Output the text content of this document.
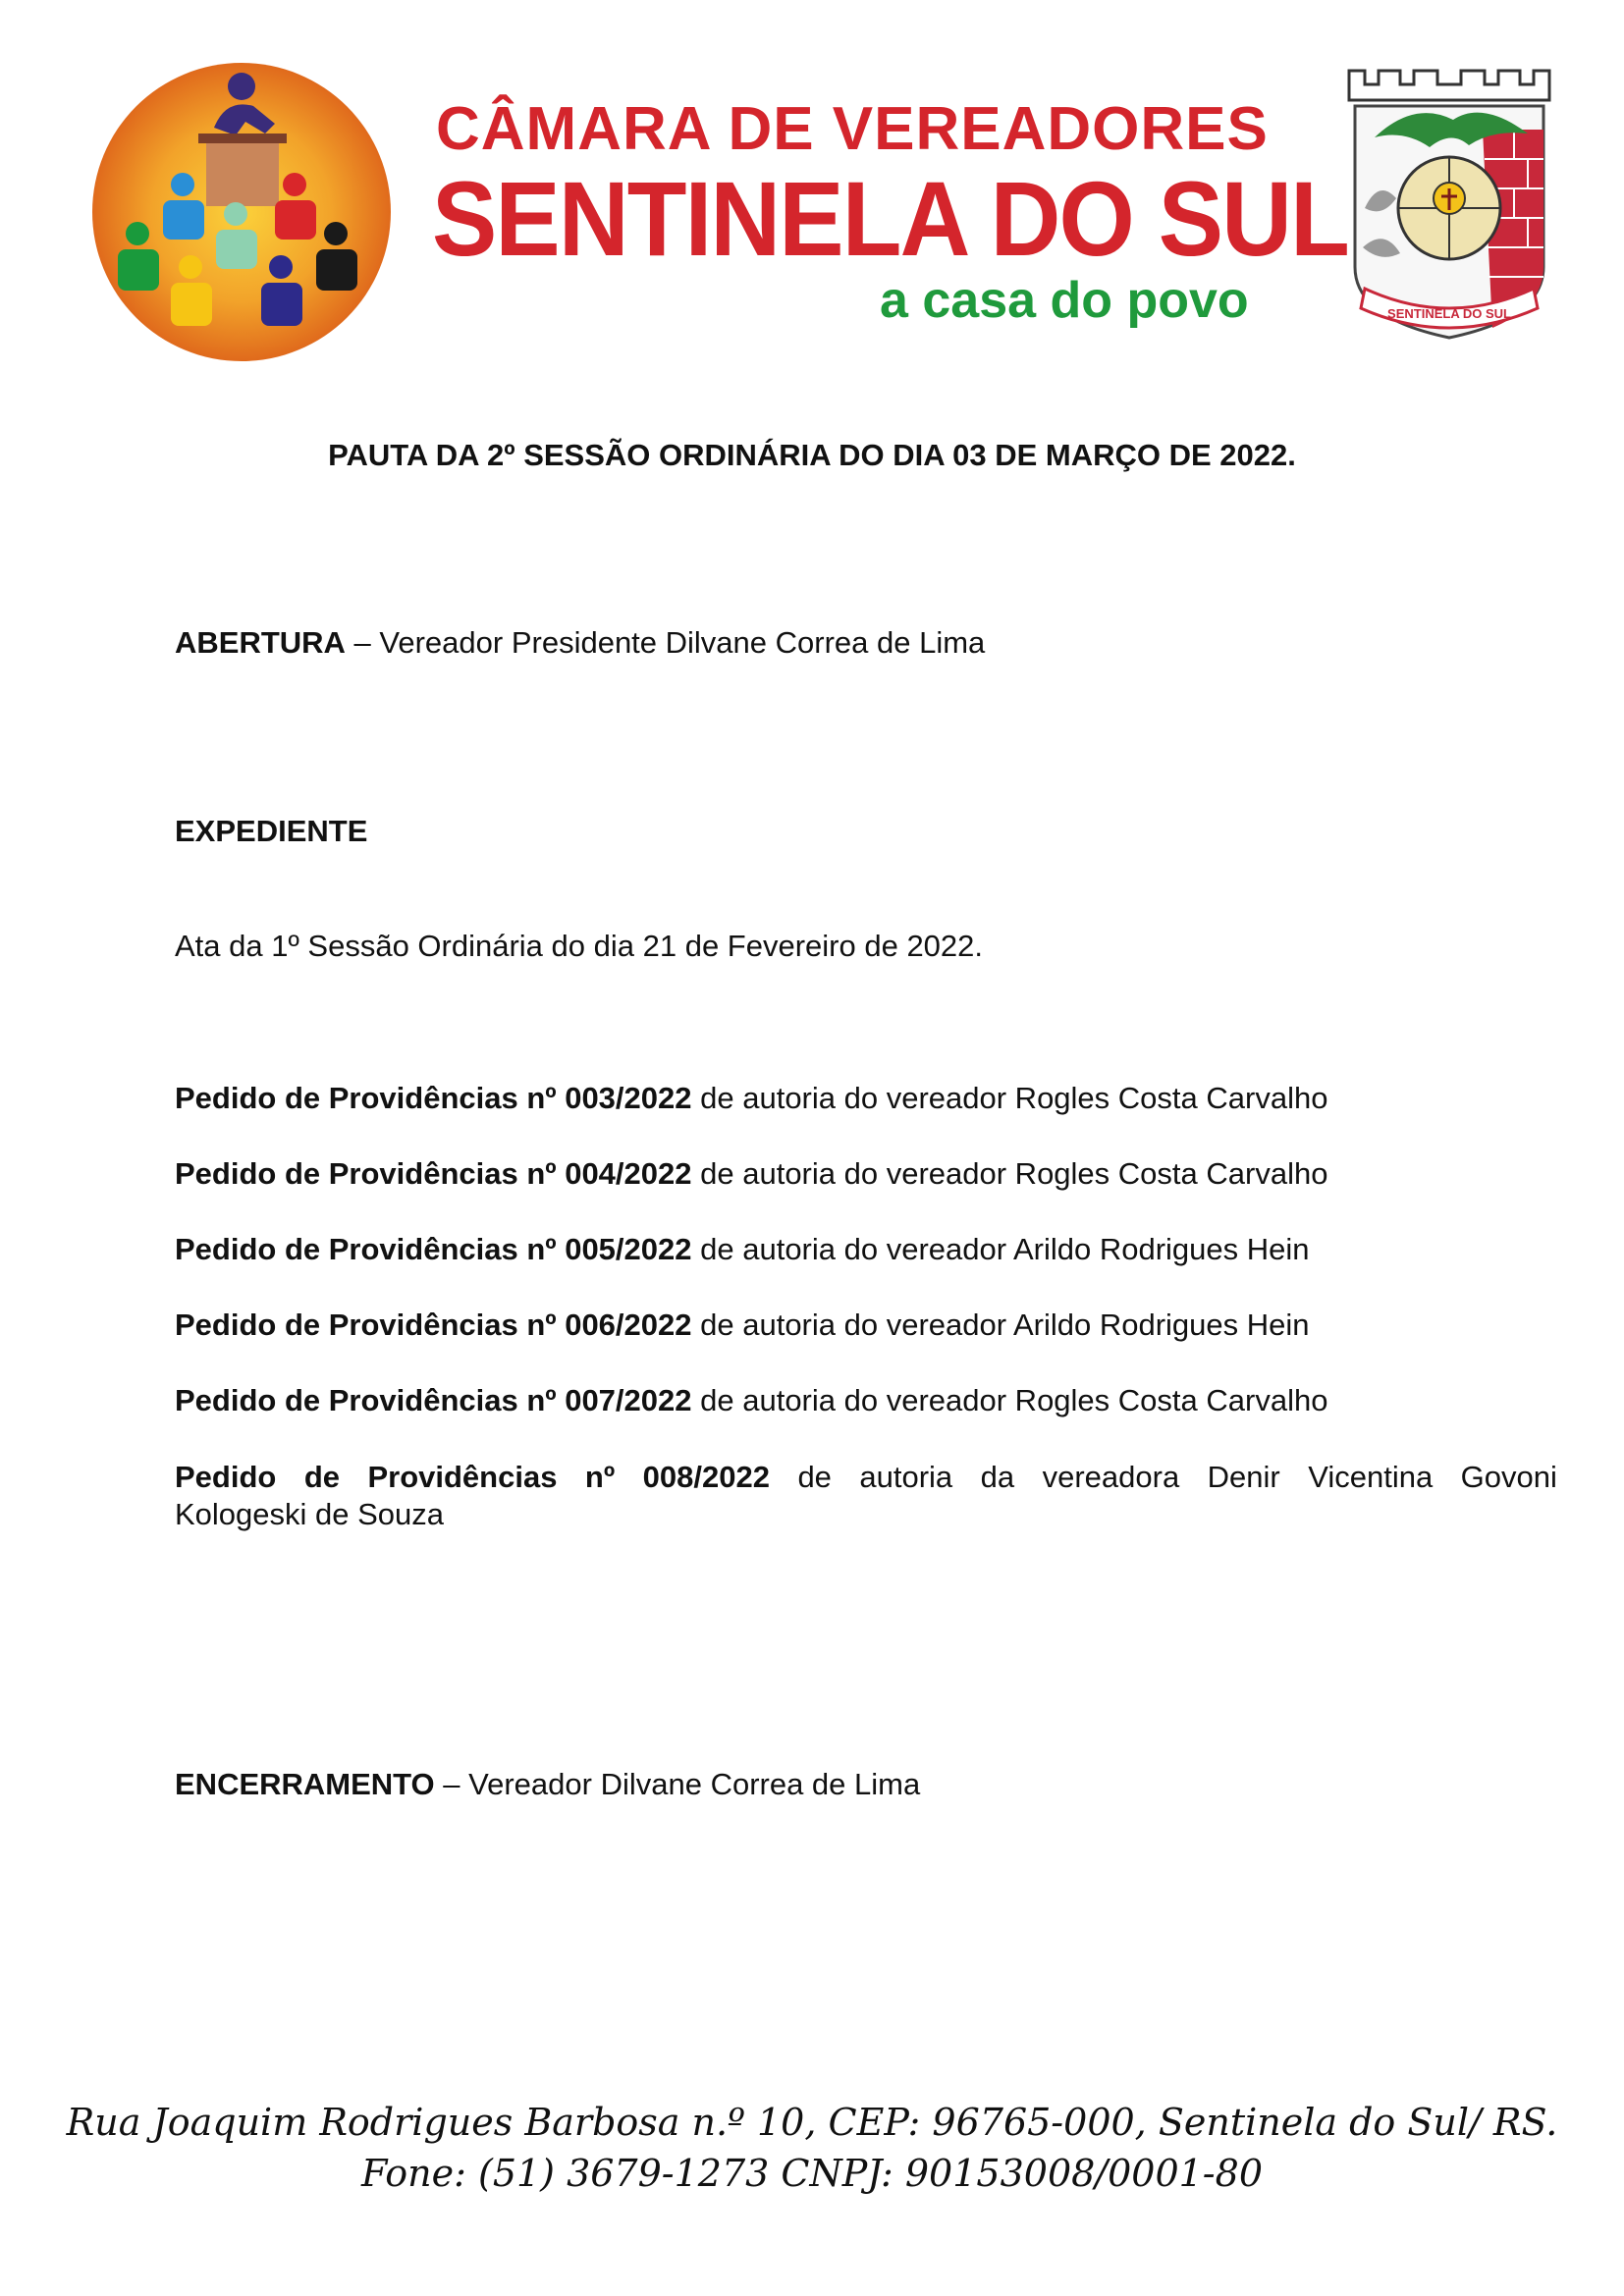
CÂMARA DE VEREADORES
SENTINELA DO SUL
a casa do povo	SENTINELA DO SUL
PAUTA DA 2º SESSÃO ORDINÁRIA DO DIA 03 DE MARÇO DE 2022.
ABERTURA – Vereador Presidente Dilvane Correa de Lima
EXPEDIENTE
Ata da 1º Sessão Ordinária do dia 21 de Fevereiro de 2022.
Pedido de Providências nº 003/2022 de autoria do vereador Rogles Costa Carvalho
Pedido de Providências nº 004/2022 de autoria do vereador Rogles Costa Carvalho
Pedido de Providências nº 005/2022 de autoria do vereador Arildo Rodrigues Hein
Pedido de Providências nº 006/2022 de autoria do vereador Arildo Rodrigues Hein
Pedido de Providências nº 007/2022 de autoria do vereador Rogles Costa Carvalho
Pedido de Providências nº 008/2022 de autoria da vereadora Denir Vicentina Govoni
Kologeski de Souza
ENCERRAMENTO – Vereador Dilvane Correa de Lima
Rua Joaquim Rodrigues Barbosa n.º 10, CEP: 96765-000, Sentinela do Sul/ RS.
Fone: (51) 3679-1273 CNPJ: 90153008/0001-80
